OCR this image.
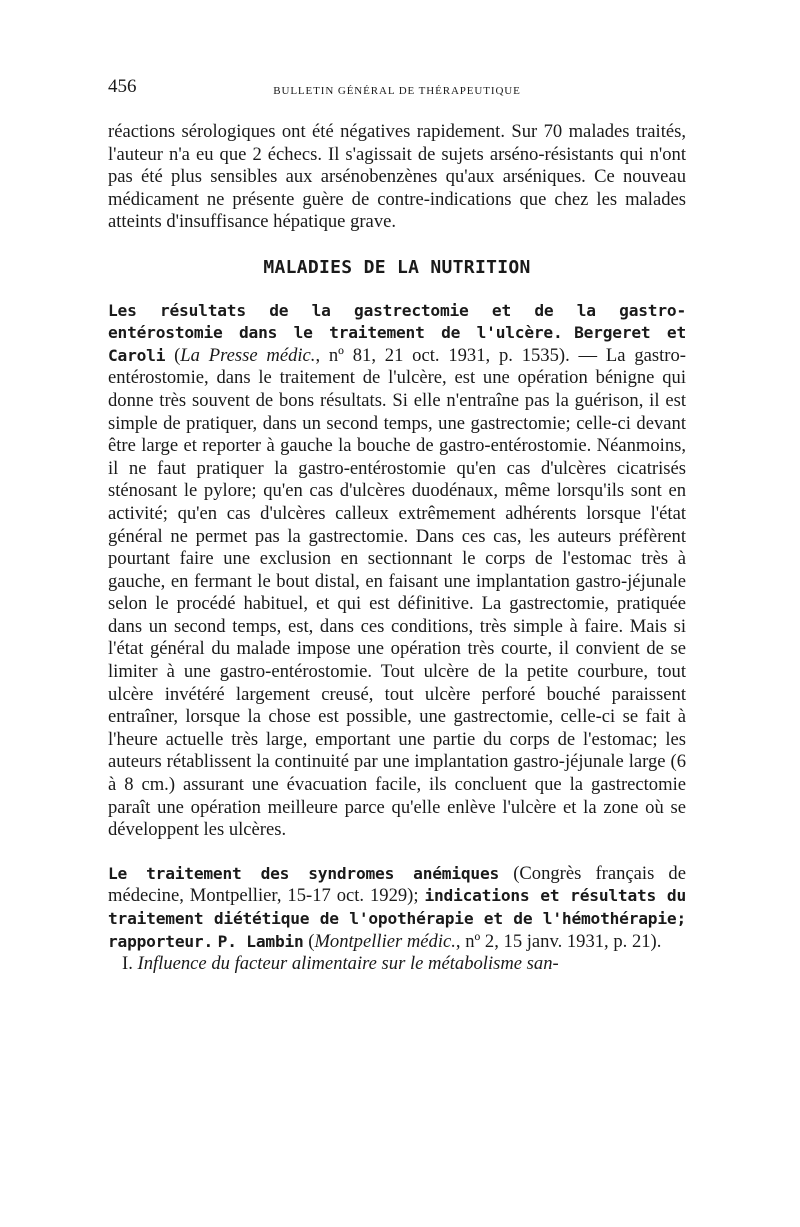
456	BULLETIN GÉNÉRAL DE THÉRAPEUTIQUE

réactions sérologiques ont été négatives rapidement. Sur 70 malades traités, l'auteur n'a eu que 2 échecs. Il s'agissait de sujets arséno-résistants qui n'ont pas été plus sensibles aux arsénobenzènes qu'aux arséniques. Ce nouveau médicament ne présente guère de contre-indications que chez les malades atteints d'insuffisance hépatique grave.

MALADIES DE LA NUTRITION

Les résultats de la gastrectomie et de la gastro-entérostomie dans le traitement de l'ulcère. Bergeret et Caroli (La Presse médic., nº 81, 21 oct. 1931, p. 1535). — La gastro-entérostomie, dans le traitement de l'ulcère, est une opération bénigne qui donne très souvent de bons résultats. Si elle n'entraîne pas la guérison, il est simple de pratiquer, dans un second temps, une gastrectomie; celle-ci devant être large et reporter à gauche la bouche de gastro-entérostomie. Néanmoins, il ne faut pratiquer la gastro-entérostomie qu'en cas d'ulcères cicatrisés sténosant le pylore; qu'en cas d'ulcères duodénaux, même lorsqu'ils sont en activité; qu'en cas d'ulcères calleux extrêmement adhérents lorsque l'état général ne permet pas la gastrectomie. Dans ces cas, les auteurs préfèrent pourtant faire une exclusion en sectionnant le corps de l'estomac très à gauche, en fermant le bout distal, en faisant une implantation gastro-jéjunale selon le procédé habituel, et qui est définitive. La gastrectomie, pratiquée dans un second temps, est, dans ces conditions, très simple à faire. Mais si l'état général du malade impose une opération très courte, il convient de se limiter à une gastro-entérostomie. Tout ulcère de la petite courbure, tout ulcère invétéré largement creusé, tout ulcère perforé bouché paraissent entraîner, lorsque la chose est possible, une gastrectomie, celle-ci se fait à l'heure actuelle très large, emportant une partie du corps de l'estomac; les auteurs rétablissent la continuité par une implantation gastro-jéjunale large (6 à 8 cm.) assurant une évacuation facile, ils concluent que la gastrectomie paraît une opération meilleure parce qu'elle enlève l'ulcère et la zone où se développent les ulcères.

Le traitement des syndromes anémiques (Congrès français de médecine, Montpellier, 15-17 oct. 1929); indications et résultats du traitement diététique de l'opothérapie et de l'hémothérapie; rapporteur. P. Lambin (Montpellier médic., nº 2, 15 janv. 1931, p. 21).

I. Influence du facteur alimentaire sur le métabolisme san-
